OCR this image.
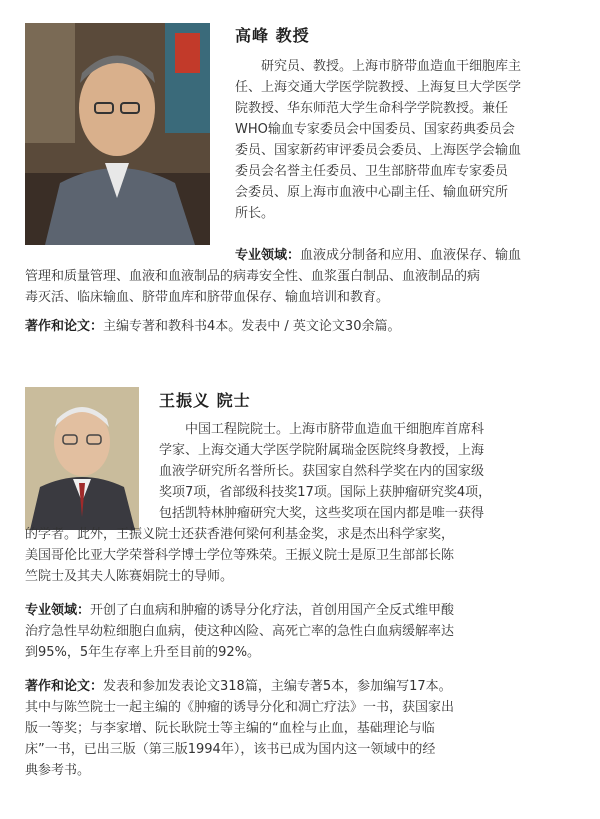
高峰 教授
研究员、教授。上海市脐带血造血干细胞库主
任、上海交通大学医学院教授、上海复旦大学医学
院教授、华东师范大学生命科学学院教授。兼任
WHO输血专家委员会中国委员、国家药典委员会
委员、国家新药审评委员会委员、上海医学会输血
委员会名誉主任委员、卫生部脐带血库专家委员
会委员、原上海市血液中心副主任、输血研究所
所长。
专业领域：血液成分制备和应用、血液保存、输血
管理和质量管理、血液和血液制品的病毒安全性、血浆蛋白制品、血液制品的病
毒灭活、临床输血、脐带血库和脐带血保存、输血培训和教育。
著作和论文：主编专著和教科书4本。发表中 / 英文论文30余篇。
王振义 院士
中国工程院院士。上海市脐带血造血干细胞库首席科
学家、上海交通大学医学院附属瑞金医院终身教授，上海
血液学研究所名誉所长。获国家自然科学奖在内的国家级
奖项7项，省部级科技奖17项。国际上获肿瘤研究奖4项，
包括凯特林肿瘤研究大奖，这些奖项在国内都是唯一获得
的学者。此外，王振义院士还获香港何梁何利基金奖，求是杰出科学家奖，
美国哥伦比亚大学荣誉科学博士学位等殊荣。王振义院士是原卫生部部长陈
竺院士及其夫人陈赛娟院士的导师。
专业领域：开创了白血病和肿瘤的诱导分化疗法，首创用国产全反式维甲酸
治疗急性早幼粒细胞白血病，使这种凶险、高死亡率的急性白血病缓解率达
到95%，5年生存率上升至目前的92%。
著作和论文：发表和参加发表论文318篇，主编专著5本，参加编写17本。
其中与陈竺院士一起主编的《肿瘤的诱导分化和凋亡疗法》一书，获国家出
版一等奖；与李家增、阮长耿院士等主编的“血栓与止血，基础理论与临
床”一书，已出三版（第三版1994年），该书已成为国内这一领域中的经
典参考书。
